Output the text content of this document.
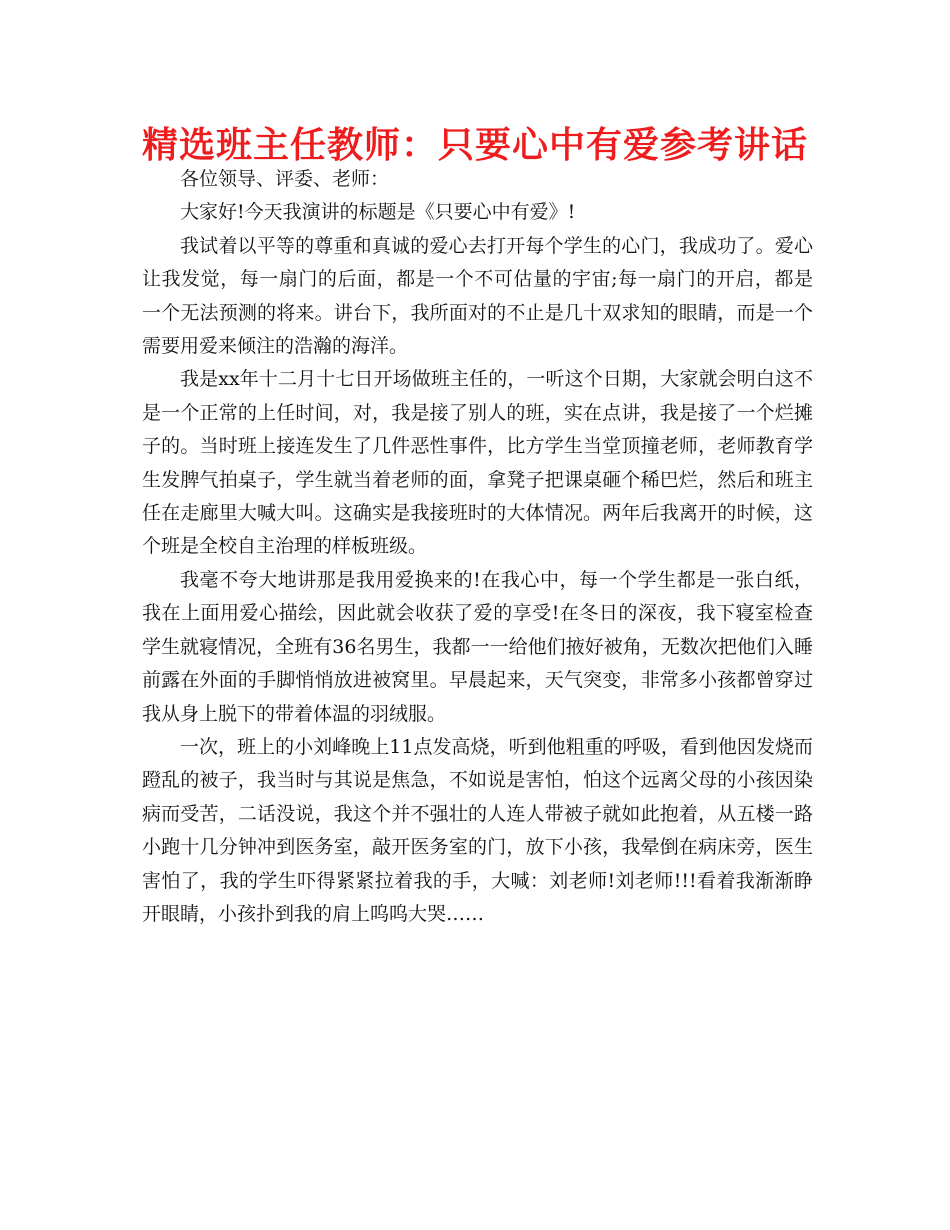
精选班主任教师：只要心中有爱参考讲话

各位领导、评委、老师：

大家好!今天我演讲的标题是《只要心中有爱》!

我试着以平等的尊重和真诚的爱心去打开每个学生的心门，我成功了。爱心让我发觉，每一扇门的后面，都是一个不可估量的宇宙;每一扇门的开启，都是一个无法预测的将来。讲台下，我所面对的不止是几十双求知的眼睛，而是一个需要用爱来倾注的浩瀚的海洋。

我是xx年十二月十七日开场做班主任的，一听这个日期，大家就会明白这不是一个正常的上任时间，对，我是接了别人的班，实在点讲，我是接了一个烂摊子的。当时班上接连发生了几件恶性事件，比方学生当堂顶撞老师，老师教育学生发脾气拍桌子，学生就当着老师的面，拿凳子把课桌砸个稀巴烂，然后和班主任在走廊里大喊大叫。这确实是我接班时的大体情况。两年后我离开的时候，这个班是全校自主治理的样板班级。

我毫不夸大地讲那是我用爱换来的!在我心中，每一个学生都是一张白纸，我在上面用爱心描绘，因此就会收获了爱的享受!在冬日的深夜，我下寝室检查学生就寝情况，全班有36名男生，我都一一给他们掖好被角，无数次把他们入睡前露在外面的手脚悄悄放进被窝里。早晨起来，天气突变，非常多小孩都曾穿过我从身上脱下的带着体温的羽绒服。

一次，班上的小刘峰晚上11点发高烧，听到他粗重的呼吸，看到他因发烧而蹬乱的被子，我当时与其说是焦急，不如说是害怕，怕这个远离父母的小孩因染病而受苦，二话没说，我这个并不强壮的人连人带被子就如此抱着，从五楼一路小跑十几分钟冲到医务室，敲开医务室的门，放下小孩，我晕倒在病床旁，医生害怕了，我的学生吓得紧紧拉着我的手，大喊：刘老师!刘老师!!!看着我渐渐睁开眼睛，小孩扑到我的肩上呜呜大哭……
